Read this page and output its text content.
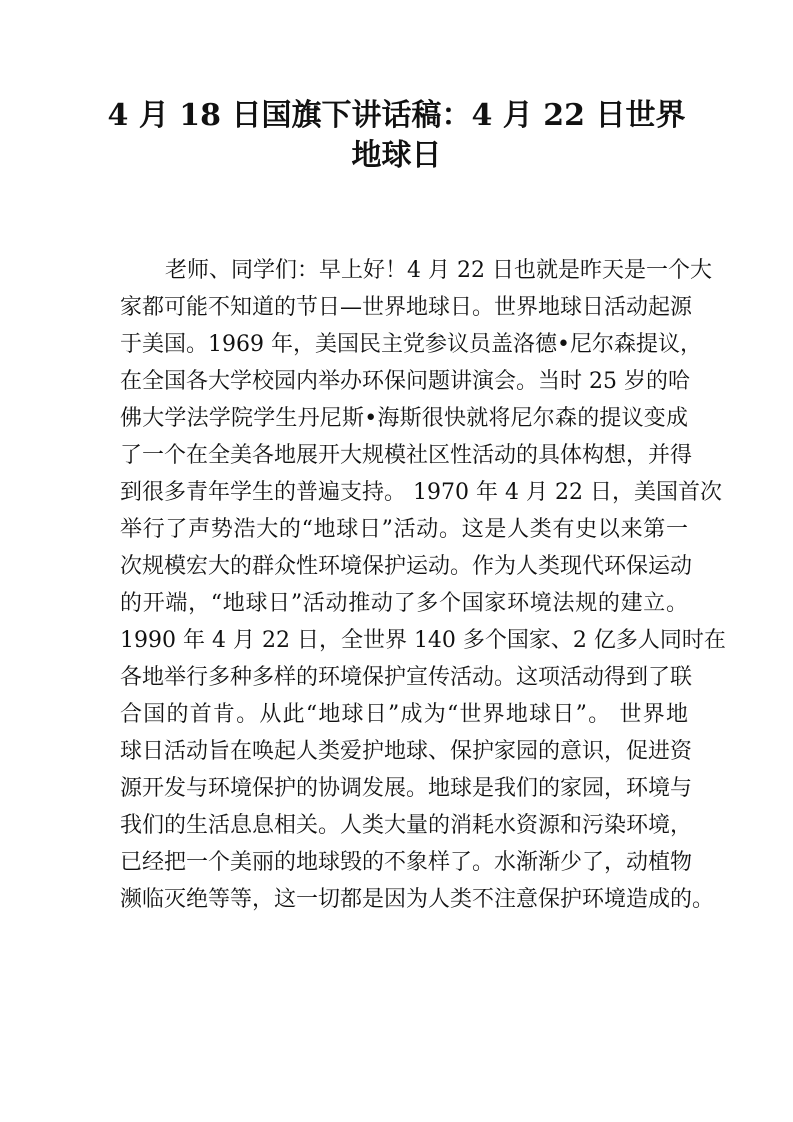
4 月 18 日国旗下讲话稿：4 月 22 日世界
地球日
老师、同学们：早上好！4 月 22 日也就是昨天是一个大
家都可能不知道的节日—世界地球日。世界地球日活动起源
于美国。1969 年，美国民主党参议员盖洛德•尼尔森提议，
在全国各大学校园内举办环保问题讲演会。当时 25 岁的哈
佛大学法学院学生丹尼斯•海斯很快就将尼尔森的提议变成
了一个在全美各地展开大规模社区性活动的具体构想，并得
到很多青年学生的普遍支持。 1970 年 4 月 22 日，美国首次
举行了声势浩大的“地球日”活动。这是人类有史以来第一
次规模宏大的群众性环境保护运动。作为人类现代环保运动
的开端，“地球日”活动推动了多个国家环境法规的建立。
1990 年 4 月 22 日，全世界 140 多个国家、2 亿多人同时在
各地举行多种多样的环境保护宣传活动。这项活动得到了联
合国的首肯。从此“地球日”成为“世界地球日”。 世界地
球日活动旨在唤起人类爱护地球、保护家园的意识，促进资
源开发与环境保护的协调发展。地球是我们的家园，环境与
我们的生活息息相关。人类大量的消耗水资源和污染环境，
已经把一个美丽的地球毁的不象样了。水渐渐少了，动植物
濒临灭绝等等，这一切都是因为人类不注意保护环境造成的。
